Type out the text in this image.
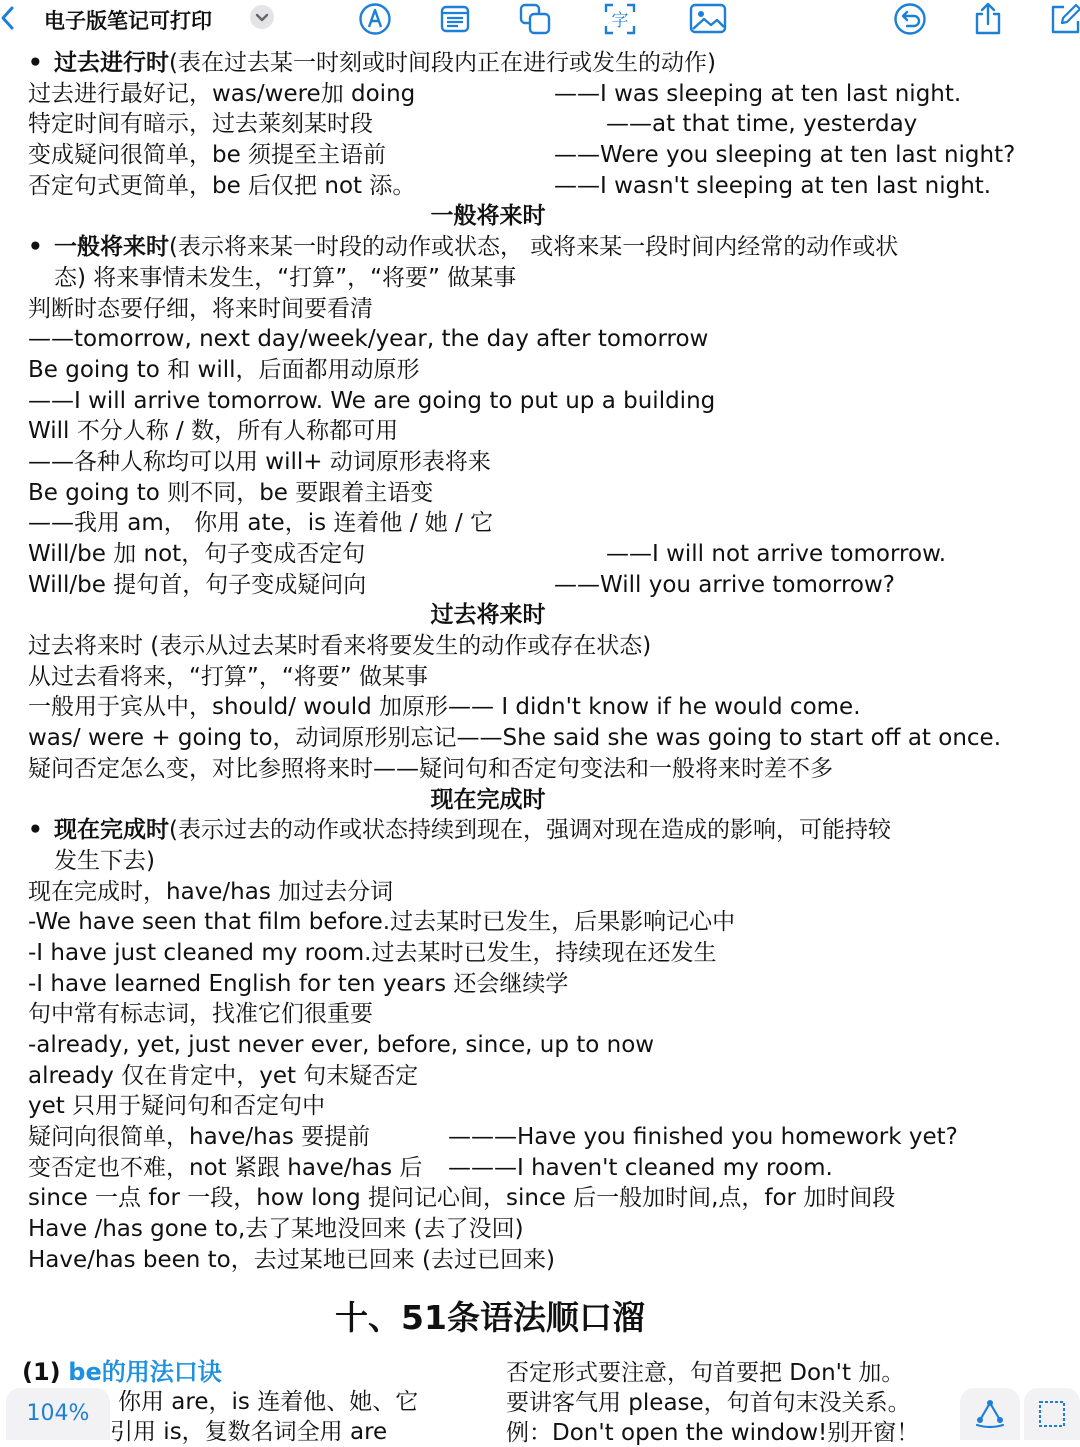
电子版笔记可打印	字
• 过去进行时(表在过去某一时刻或时间段内正在进行或发生的动作)
过去进行最好记，was/were加 doing	——I was sleeping at ten last night.
特定时间有暗示，过去莱刻某时段	——at that time, yesterday
变成疑问很简单，be 须提至主语前	——Were you sleeping at ten last night?
否定句式更简单，be 后仅把 not 添。	——I wasn't sleeping at ten last night.
一般将来时
• 一般将来时(表示将来某一时段的动作或状态， 或将来某一段时间内经常的动作或状
态) 将来事情未发生，“打算”，“将要” 做某事
判断时态要仔细，将来时间要看清
——tomorrow, next day/week/year, the day after tomorrow
Be going to 和 will，后面都用动原形
——I will arrive tomorrow. We are going to put up a building
Will 不分人称 / 数，所有人称都可用
——各种人称均可以用 will+ 动词原形表将来
Be going to 则不同，be 要跟着主语变
——我用 am， 你用 ate，is 连着他 / 她 / 它
Will/be 加 not，句子变成否定句	——I will not arrive tomorrow.
Will/be 提句首，句子变成疑问向	——Will you arrive tomorrow?
过去将来时
过去将来时 (表示从过去某时看来将要发生的动作或存在状态)
从过去看将来，“打算”，“将要” 做某事
一般用于宾从中，should/ would 加原形—— I didn't know if he would come.
was/ were + going to，动词原形别忘记——She said she was going to start off at once.
疑问否定怎么变，对比参照将来时——疑问句和否定句变法和一般将来时差不多
现在完成时
• 现在完成时(表示过去的动作或状态持续到现在，强调对现在造成的影响，可能持较
发生下去)
现在完成时，have/has 加过去分词
-We have seen that film before.过去某时已发生，后果影响记心中
-I have just cleaned my room.过去某时已发生，持续现在还发生
-I have learned English for ten years 还会继续学
句中常有标志词，找准它们很重要
-already, yet, just never ever, before, since, up to now
already 仅在肯定中，yet 句末疑否定
yet 只用于疑问句和否定句中
疑问向很简单，have/has 要提前	———Have you finished you homework yet?
变否定也不难，not 紧跟 have/has 后 ———I haven't cleaned my room.
since 一点 for 一段，how long 提问记心间，since 后一般加时间,点，for 加时间段
Have /has gone to,去了某地没回来 (去了没回)
Have/has been to，去过某地已回来 (去过已回来)
十、51条语法顺口溜
(1) be的用法口诀
你用 are，is 连着他、她、它
引用 is，复数名词全用 are
否定形式要注意，句首要把 Don't 加。
要讲客气用 please，句首句末没关系。
例：Don't open the window!别开窗！
104%
